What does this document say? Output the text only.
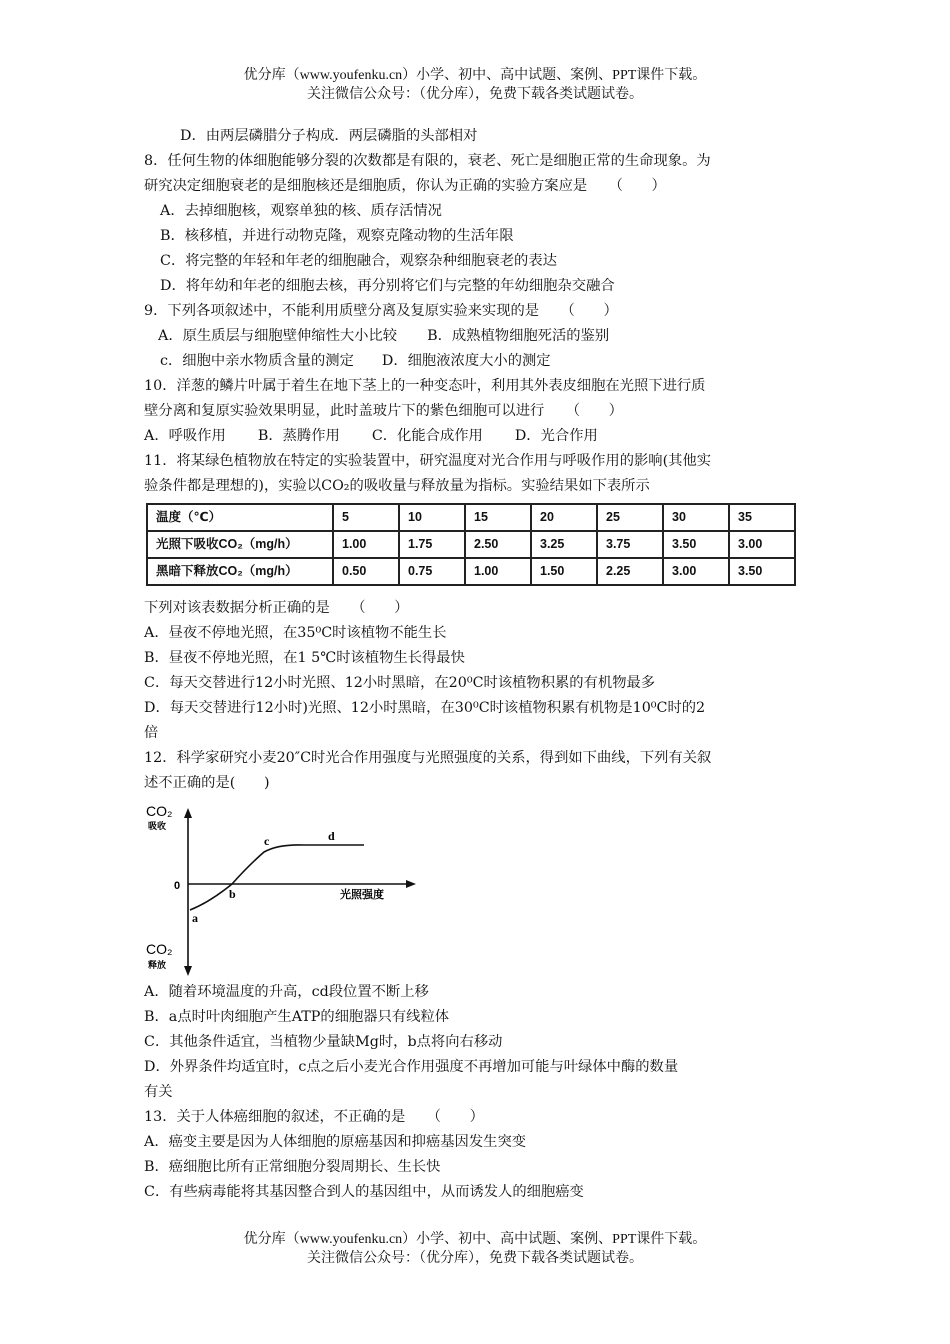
优分库（www.youfenku.cn）小学、初中、高中试题、案例、PPT课件下载。
关注微信公众号：（优分库），免费下载各类试题试卷。
D．由两层磷腊分子构成．两层磷脂的头部相对
8．任何生物的体细胞能够分裂的次数都是有限的，衰老、死亡是细胞正常的生命现象。为
研究决定细胞衰老的是细胞核还是细胞质，你认为正确的实验方案应是　　（　　）
A．去掉细胞核，观察单独的核、质存活情况
B．核移植，并进行动物克隆，观察克隆动物的生活年限
C．将完整的年轻和年老的细胞融合，观察杂种细胞衰老的表达
D．将年幼和年老的细胞去核，再分别将它们与完整的年幼细胞杂交融合
9．下列各项叙述中，不能利用质壁分离及复原实验来实现的是　　（　　）
A．原生质层与细胞壁伸缩性大小比较 B．成熟植物细胞死活的鉴别
c．细胞中亲水物质含量的测定 D．细胞液浓度大小的测定
10．洋葱的鳞片叶属于着生在地下茎上的一种变态叶，利用其外表皮细胞在光照下进行质
壁分离和复原实验效果明显，此时盖玻片下的紫色细胞可以进行　　（　　）
A．呼吸作用 B．蒸腾作用 C．化能合成作用 D．光合作用
11．将某绿色植物放在特定的实验装置中，研究温度对光合作用与呼吸作用的影响(其他实
验条件都是理想的)，实验以CO₂的吸收量与释放量为指标。实验结果如下表所示
温度（℃）	5	10	15	20	25	30	35
光照下吸收CO₂（mg/h）	1.00	1.75	2.50	3.25	3.75	3.50	3.00
黑暗下释放CO₂（mg/h）	0.50	0.75	1.00	1.50	2.25	3.00	3.50
下列对该表数据分析正确的是　　（　　）
A．昼夜不停地光照，在35⁰C时该植物不能生长
B．昼夜不停地光照，在1 5℃时该植物生长得最快
C．每天交替进行12小时光照、12小时黑暗，在20⁰C时该植物积累的有机物最多
D．每天交替进行12小时)光照、12小时黑暗，在30⁰C时该植物积累有机物是10⁰C时的2
倍
12．科学家研究小麦20″C时光合作用强度与光照强度的关系，得到如下曲线，下列有关叙
述不正确的是(　　)
CO₂
吸收
0
光照强度
a
b
c	d
CO₂
释放
A．随着环境温度的升高，cd段位置不断上移
B．a点时叶肉细胞产生ATP的细胞器只有线粒体
C．其他条件适宜，当植物少量缺Mg时，b点将向右移动
D．外界条件均适宜时，c点之后小麦光合作用强度不再增加可能与叶绿体中酶的数量
有关
13．关于人体癌细胞的叙述，不正确的是　　（　　）
A．癌变主要是因为人体细胞的原癌基因和抑癌基因发生突变
B．癌细胞比所有正常细胞分裂周期长、生长快
C．有些病毒能将其基因整合到人的基因组中，从而诱发人的细胞癌变
优分库（www.youfenku.cn）小学、初中、高中试题、案例、PPT课件下载。
关注微信公众号：（优分库），免费下载各类试题试卷。
